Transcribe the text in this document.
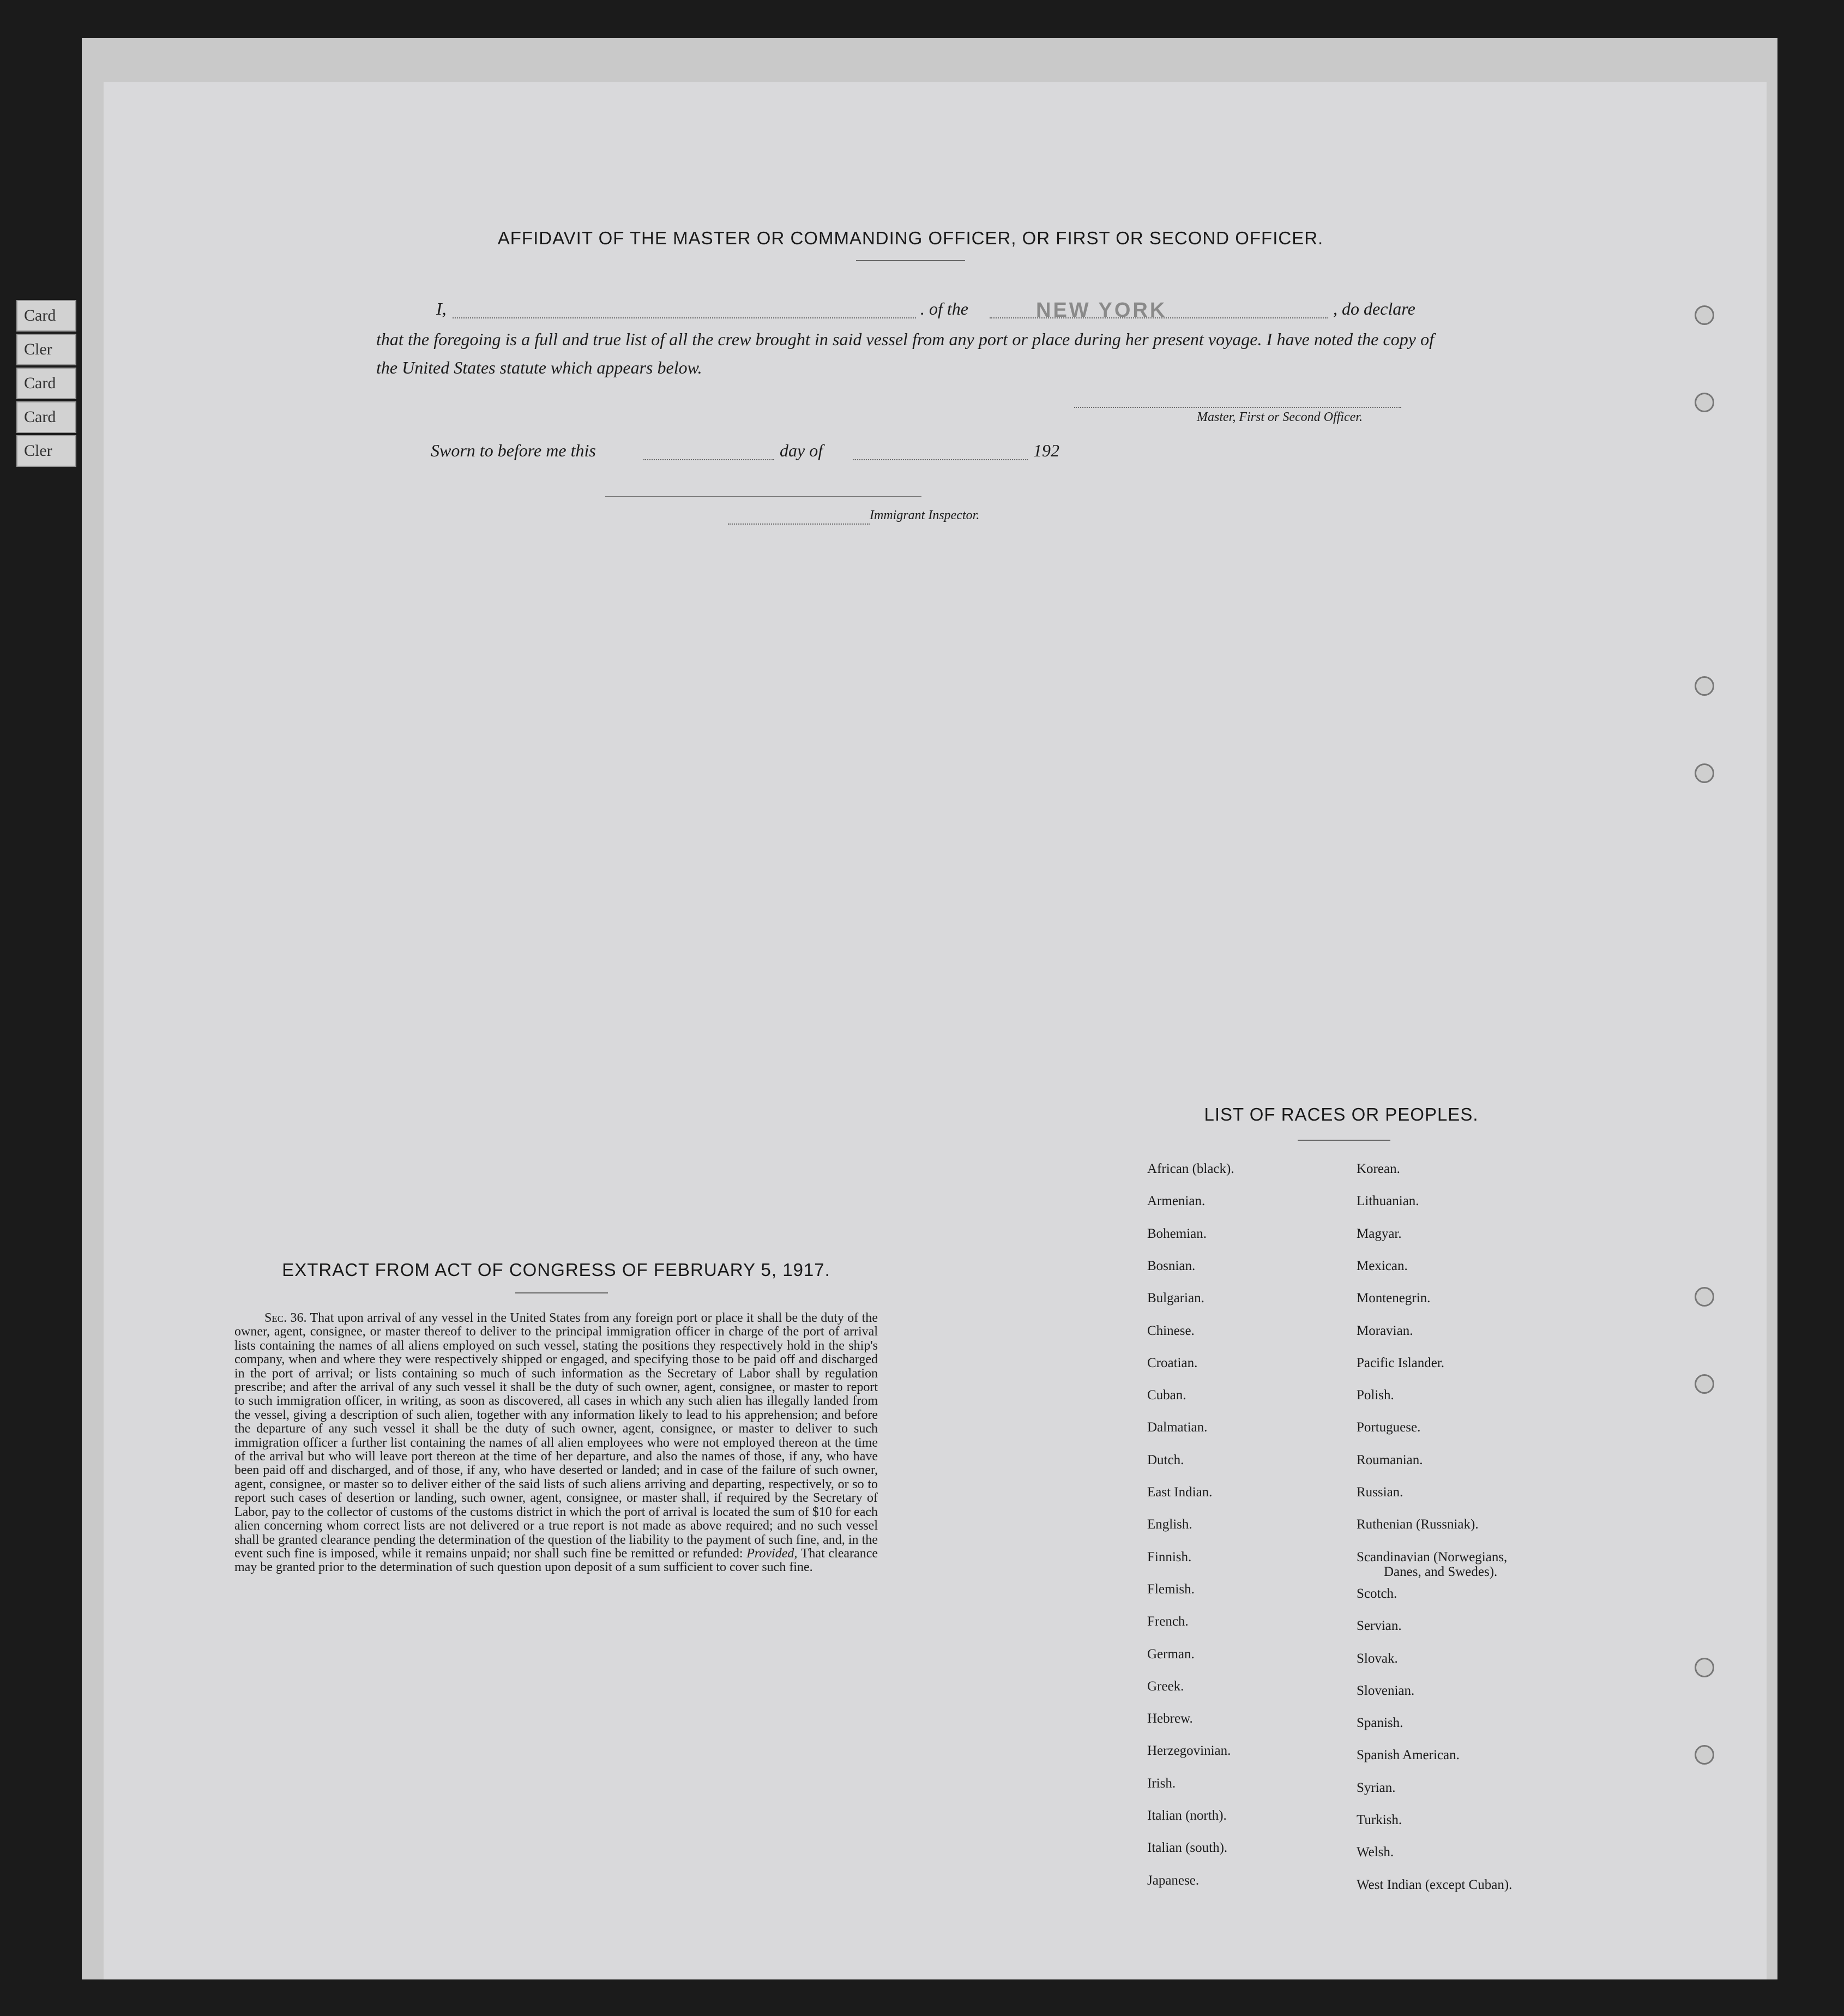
Card
Cler
Card
Card
Cler
AFFIDAVIT OF THE MASTER OR COMMANDING OFFICER, OR FIRST OR SECOND OFFICER.
I,	. of the	NEW YORK	, do declare
that the foregoing is a full and true list of all the crew brought in said vessel from any port or place during her present voyage. I have noted the copy of the United States statute which appears below.
Master, First or Second Officer.
Sworn to before me this	day of	192
Immigrant Inspector.
EXTRACT FROM ACT OF CONGRESS OF FEBRUARY 5, 1917.
Sec. 36. That upon arrival of any vessel in the United States from any foreign port or place it shall be the duty of the owner, agent, consignee, or master thereof to deliver to the principal immigration officer in charge of the port of arrival lists containing the names of all aliens employed on such vessel, stating the positions they respectively hold in the ship's company, when and where they were respectively shipped or engaged, and specifying those to be paid off and discharged in the port of arrival; or lists containing so much of such information as the Secretary of Labor shall by regulation prescribe; and after the arrival of any such vessel it shall be the duty of such owner, agent, consignee, or master to report to such immigration officer, in writing, as soon as discovered, all cases in which any such alien has illegally landed from the vessel, giving a description of such alien, together with any information likely to lead to his apprehension; and before the departure of any such vessel it shall be the duty of such owner, agent, consignee, or master to deliver to such immigration officer a further list containing the names of all alien employees who were not employed thereon at the time of the arrival but who will leave port thereon at the time of her departure, and also the names of those, if any, who have been paid off and discharged, and of those, if any, who have deserted or landed; and in case of the failure of such owner, agent, consignee, or master so to deliver either of the said lists of such aliens arriving and departing, respectively, or so to report such cases of desertion or landing, such owner, agent, consignee, or master shall, if required by the Secretary of Labor, pay to the collector of customs of the customs district in which the port of arrival is located the sum of $10 for each alien concerning whom correct lists are not delivered or a true report is not made as above required; and no such vessel shall be granted clearance pending the determination of the question of the liability to the payment of such fine, and, in the event such fine is imposed, while it remains unpaid; nor shall such fine be remitted or refunded: Provided, That clearance may be granted prior to the determination of such question upon deposit of a sum sufficient to cover such fine.
LIST OF RACES OR PEOPLES.
African (black).
Armenian.
Bohemian.
Bosnian.
Bulgarian.
Chinese.
Croatian.
Cuban.
Dalmatian.
Dutch.
East Indian.
English.
Finnish.
Flemish.
French.
German.
Greek.
Hebrew.
Herzegovinian.
Irish.
Italian (north).
Italian (south).
Japanese.
Korean.
Lithuanian.
Magyar.
Mexican.
Montenegrin.
Moravian.
Pacific Islander.
Polish.
Portuguese.
Roumanian.
Russian.
Ruthenian (Russniak).
Scandinavian (Norwegians,
Danes, and Swedes).
Scotch.
Servian.
Slovak.
Slovenian.
Spanish.
Spanish American.
Syrian.
Turkish.
Welsh.
West Indian (except Cuban).
